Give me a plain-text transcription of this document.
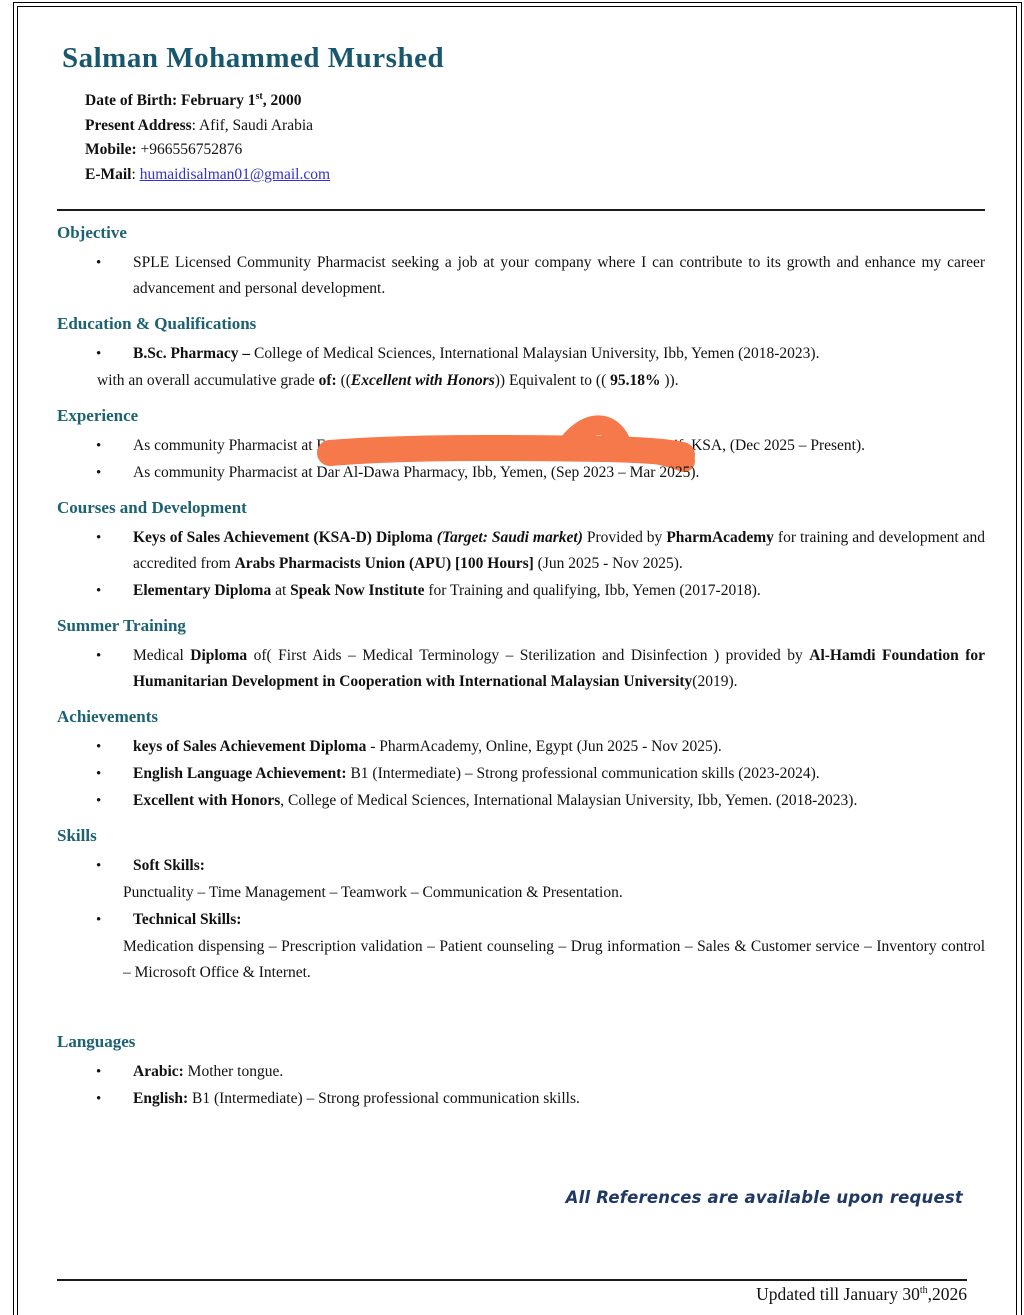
Salman Mohammed Murshed
Date of Birth: February 1st, 2000
Present Address: Afif, Saudi Arabia
Mobile: +966556752876
E-Mail: humaidisalman01@gmail.com
Objective
• SPLE Licensed Community Pharmacist seeking a job at your company where I can contribute to its growth and enhance my career advancement and personal development.
Education & Qualifications
• B.Sc. Pharmacy – College of Medical Sciences, International Malaysian University, Ibb, Yemen (2018-2023).
with an overall accumulative grade of: ((Excellent with Honors)) Equivalent to (( 95.18% )).
Experience
• As community Pharmacist at E	if, KSA, (Dec 2025 – Present).
• As community Pharmacist at Dar Al-Dawa Pharmacy, Ibb, Yemen, (Sep 2023 – Mar 2025).
Courses and Development
• Keys of Sales Achievement (KSA-D) Diploma (Target: Saudi market) Provided by PharmAcademy for training and development and accredited from Arabs Pharmacists Union (APU) [100 Hours] (Jun 2025 - Nov 2025).
• Elementary Diploma at Speak Now Institute for Training and qualifying, Ibb, Yemen (2017-2018).
Summer Training
• Medical Diploma of( First Aids – Medical Terminology – Sterilization and Disinfection ) provided by Al-Hamdi Foundation for Humanitarian Development in Cooperation with International Malaysian University(2019).
Achievements
• keys of Sales Achievement Diploma - PharmAcademy, Online, Egypt (Jun 2025 - Nov 2025).
• English Language Achievement: B1 (Intermediate) – Strong professional communication skills (2023-2024).
• Excellent with Honors, College of Medical Sciences, International Malaysian University, Ibb, Yemen. (2018-2023).
Skills
• Soft Skills:
Punctuality – Time Management – Teamwork – Communication & Presentation.
• Technical Skills:
Medication dispensing – Prescription validation – Patient counseling – Drug information – Sales & Customer service – Inventory control – Microsoft Office & Internet.
Languages
• Arabic: Mother tongue.
• English: B1 (Intermediate) – Strong professional communication skills.
All References are available upon request
Updated till January 30th,2026
